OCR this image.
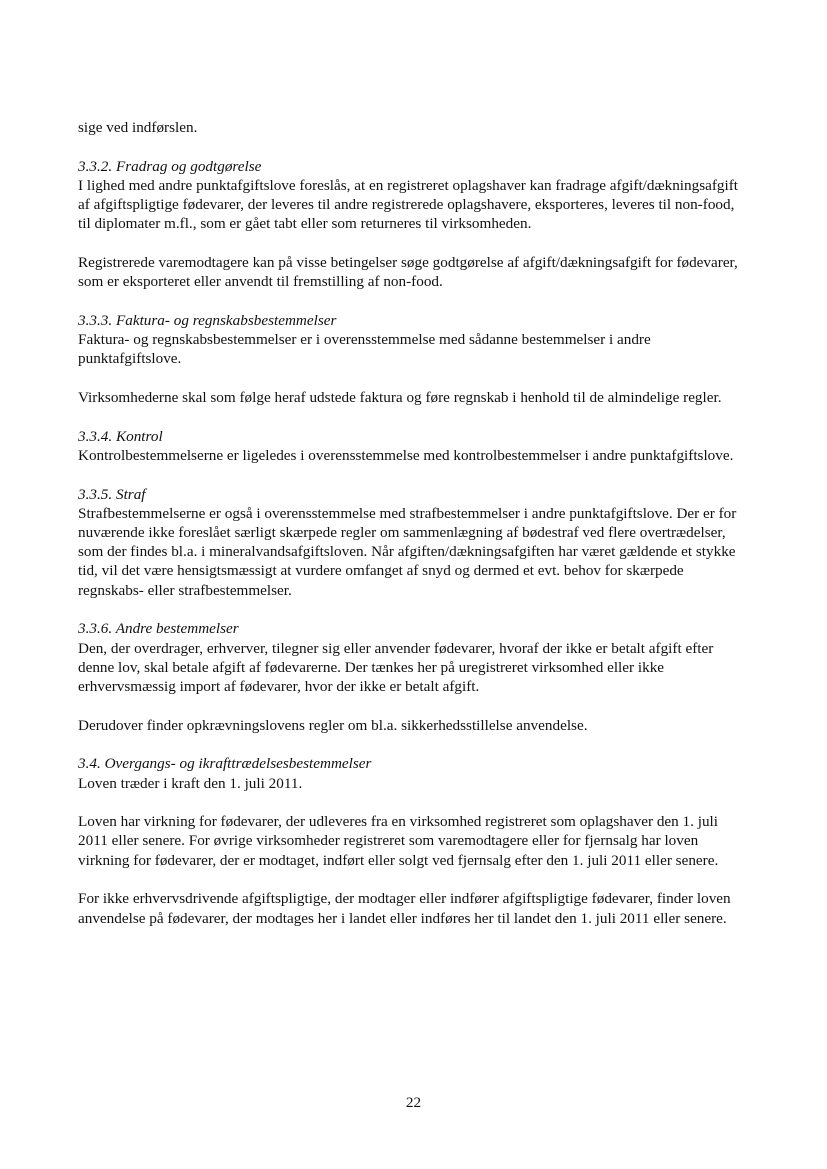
sige ved indførslen.

3.3.2. Fradrag og godtgørelse

I lighed med andre punktafgiftslove foreslås, at en registreret oplagshaver kan fradrage afgift/dækningsafgift af afgiftspligtige fødevarer, der leveres til andre registrerede oplagshavere, eksporteres, leveres til non-food, til diplomater m.fl., som er gået tabt eller som returneres til virksomheden.

Registrerede varemodtagere kan på visse betingelser søge godtgørelse af afgift/dækningsafgift for fødevarer, som er eksporteret eller anvendt til fremstilling af non-food.

3.3.3. Faktura- og regnskabsbestemmelser

Faktura- og regnskabsbestemmelser er i overensstemmelse med sådanne bestemmelser i andre punktafgiftslove.

Virksomhederne skal som følge heraf udstede faktura og føre regnskab i henhold til de almindelige regler.

3.3.4. Kontrol

Kontrolbestemmelserne er ligeledes i overensstemmelse med kontrolbestemmelser i andre punktafgiftslove.

3.3.5. Straf

Strafbestemmelserne er også i overensstemmelse med strafbestemmelser i andre punktafgiftslove. Der er for nuværende ikke foreslået særligt skærpede regler om sammenlægning af bødestraf ved flere overtrædelser, som der findes bl.a. i mineralvandsafgiftsloven. Når afgiften/dækningsafgiften har været gældende et stykke tid, vil det være hensigtsmæssigt at vurdere omfanget af snyd og dermed et evt. behov for skærpede regnskabs- eller strafbestemmelser.

3.3.6. Andre bestemmelser

Den, der overdrager, erhverver, tilegner sig eller anvender fødevarer, hvoraf der ikke er betalt afgift efter denne lov, skal betale afgift af fødevarerne. Der tænkes her på uregistreret virksomhed eller ikke erhvervsmæssig import af fødevarer, hvor der ikke er betalt afgift.

Derudover finder opkrævningslovens regler om bl.a. sikkerhedsstillelse anvendelse.

3.4. Overgangs- og ikrafttrædelsesbestemmelser

Loven træder i kraft den 1. juli 2011.

Loven har virkning for fødevarer, der udleveres fra en virksomhed registreret som oplagshaver den 1. juli 2011 eller senere. For øvrige virksomheder registreret som varemodtagere eller for fjernsalg har loven virkning for fødevarer, der er modtaget, indført eller solgt ved fjernsalg efter den 1. juli 2011 eller senere.

For ikke erhvervsdrivende afgiftspligtige, der modtager eller indfører afgiftspligtige fødevarer, finder loven anvendelse på fødevarer, der modtages her i landet eller indføres her til landet den 1. juli 2011 eller senere.

22
